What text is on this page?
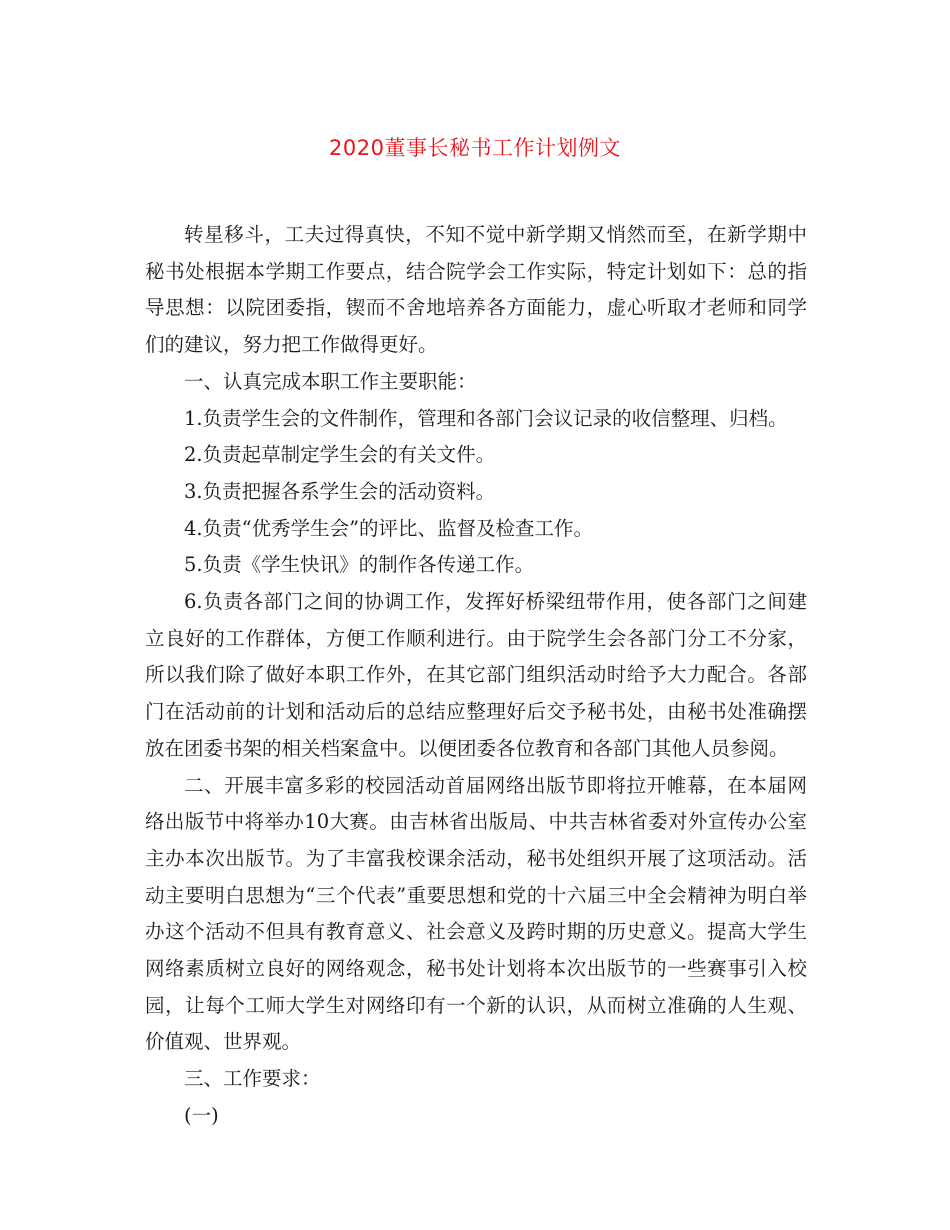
2020董事长秘书工作计划例文

转星移斗，工夫过得真快，不知不觉中新学期又悄然而至，在新学期中秘书处根据本学期工作要点，结合院学会工作实际，特定计划如下：总的指导思想：以院团委指，锲而不舍地培养各方面能力，虚心听取才老师和同学们的建议，努力把工作做得更好。

一、认真完成本职工作主要职能：

1.负责学生会的文件制作，管理和各部门会议记录的收信整理、归档。

2.负责起草制定学生会的有关文件。

3.负责把握各系学生会的活动资料。

4.负责“优秀学生会”的评比、监督及检查工作。

5.负责《学生快讯》的制作各传递工作。

6.负责各部门之间的协调工作，发挥好桥梁纽带作用，使各部门之间建立良好的工作群体，方便工作顺利进行。由于院学生会各部门分工不分家，所以我们除了做好本职工作外，在其它部门组织活动时给予大力配合。各部门在活动前的计划和活动后的总结应整理好后交予秘书处，由秘书处准确摆放在团委书架的相关档案盒中。以便团委各位教育和各部门其他人员参阅。

二、开展丰富多彩的校园活动首届网络出版节即将拉开帷幕，在本届网络出版节中将举办10大赛。由吉林省出版局、中共吉林省委对外宣传办公室主办本次出版节。为了丰富我校课余活动，秘书处组织开展了这项活动。活动主要明白思想为“三个代表”重要思想和党的十六届三中全会精神为明白举办这个活动不但具有教育意义、社会意义及跨时期的历史意义。提高大学生网络素质树立良好的网络观念，秘书处计划将本次出版节的一些赛事引入校园，让每个工师大学生对网络印有一个新的认识，从而树立准确的人生观、价值观、世界观。

三、工作要求：

(一)
